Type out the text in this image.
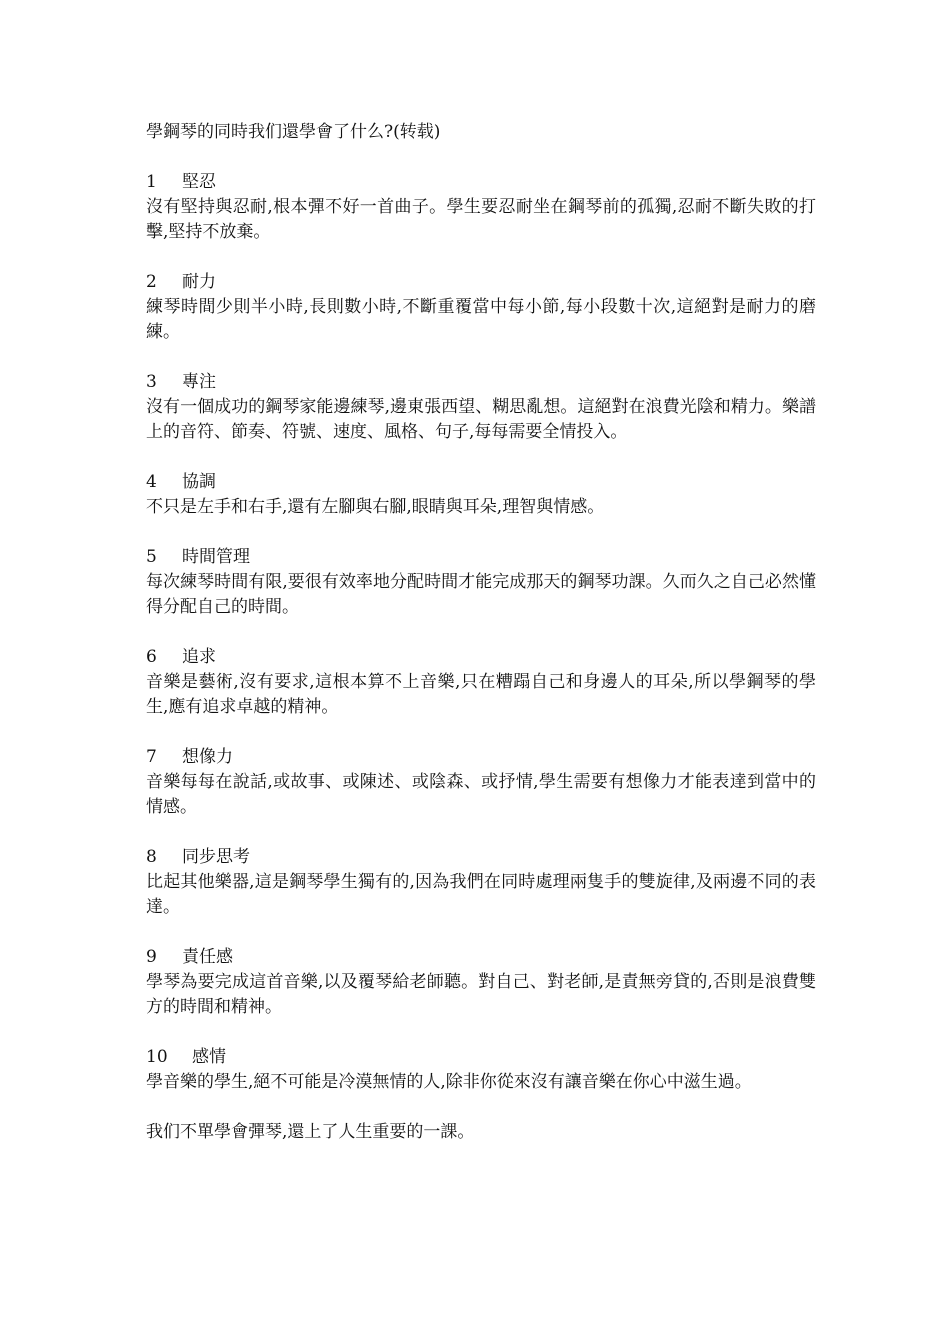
學鋼琴的同時我们還學會了什么?(转载)

1	堅忍

沒有堅持與忍耐,根本彈不好一首曲子。學生要忍耐坐在鋼琴前的孤獨,忍耐不斷失敗的打擊,堅持不放棄。

2	耐力

練琴時間少則半小時,長則數小時,不斷重覆當中每小節,每小段數十次,這絕對是耐力的磨練。

3	專注

沒有一個成功的鋼琴家能邊練琴,邊東張西望、糊思亂想。這絕對在浪費光陰和精力。樂譜上的音符、節奏、符號、速度、風格、句子,每每需要全情投入。

4	協調

不只是左手和右手,還有左腳與右腳,眼睛與耳朵,理智與情感。

5	時間管理

每次練琴時間有限,要很有效率地分配時間才能完成那天的鋼琴功課。久而久之自己必然懂得分配自己的時間。

6	追求

音樂是藝術,沒有要求,這根本算不上音樂,只在糟蹋自己和身邊人的耳朵,所以學鋼琴的學生,應有追求卓越的精神。

7	想像力

音樂每每在說話,或故事、或陳述、或陰森、或抒情,學生需要有想像力才能表達到當中的情感。

8	同步思考

比起其他樂器,這是鋼琴學生獨有的,因為我們在同時處理兩隻手的雙旋律,及兩邊不同的表達。

9	責任感

學琴為要完成這首音樂,以及覆琴給老師聽。對自己、對老師,是責無旁貸的,否則是浪費雙方的時間和精神。

10	感情

學音樂的學生,絕不可能是冷漠無情的人,除非你從來沒有讓音樂在你心中滋生過。

我们不單學會彈琴,還上了人生重要的一課。
